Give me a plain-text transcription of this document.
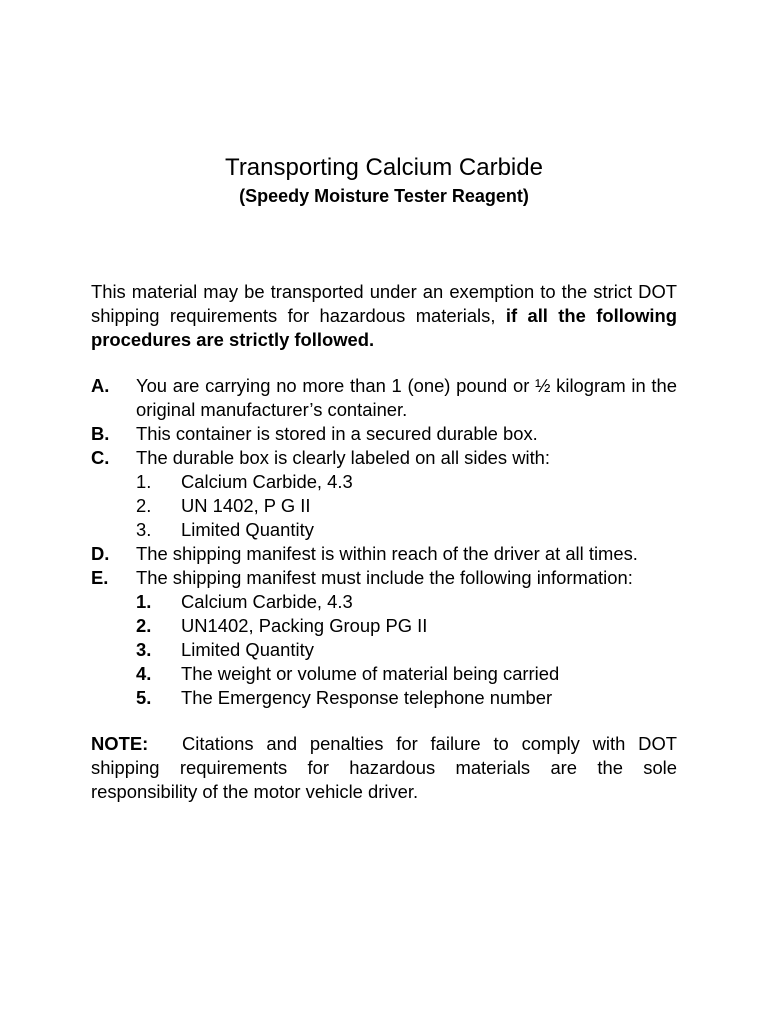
Transporting Calcium Carbide
(Speedy Moisture Tester Reagent)

This material may be transported under an exemption to the strict DOT shipping requirements for hazardous materials, if all the following procedures are strictly followed.

A.	You are carrying no more than 1 (one) pound or ½ kilogram in the original manufacturer’s container.
B.	This container is stored in a secured durable box.
C.	The durable box is clearly labeled on all sides with:
1.	Calcium Carbide, 4.3
2.	UN 1402, P G II
3.	Limited Quantity
D.	The shipping manifest is within reach of the driver at all times.
E.	The shipping manifest must include the following information:
1.	Calcium Carbide, 4.3
2.	UN1402, Packing Group PG II
3.	Limited Quantity
4.	The weight or volume of material being carried
5.	The Emergency Response telephone number
NOTE: Citations and penalties for failure to comply with DOT shipping requirements for hazardous materials are the sole responsibility of the motor vehicle driver.
